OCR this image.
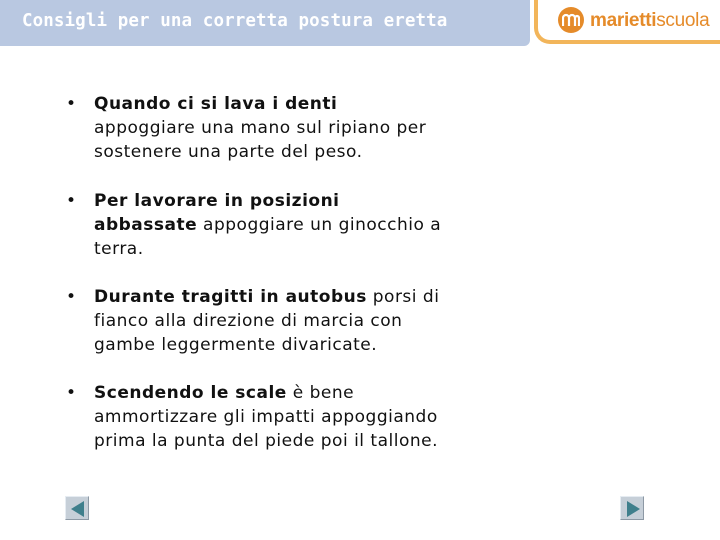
Consigli per una corretta postura eretta	mariettiscuola
• Quando ci si lava i denti
appoggiare una mano sul ripiano per
sostenere una parte del peso.
• Per lavorare in posizioni
abbassate appoggiare un ginocchio a
terra.
• Durante tragitti in autobus porsi di
fianco alla direzione di marcia con
gambe leggermente divaricate.
• Scendendo le scale è bene
ammortizzare gli impatti appoggiando
prima la punta del piede poi il tallone.
